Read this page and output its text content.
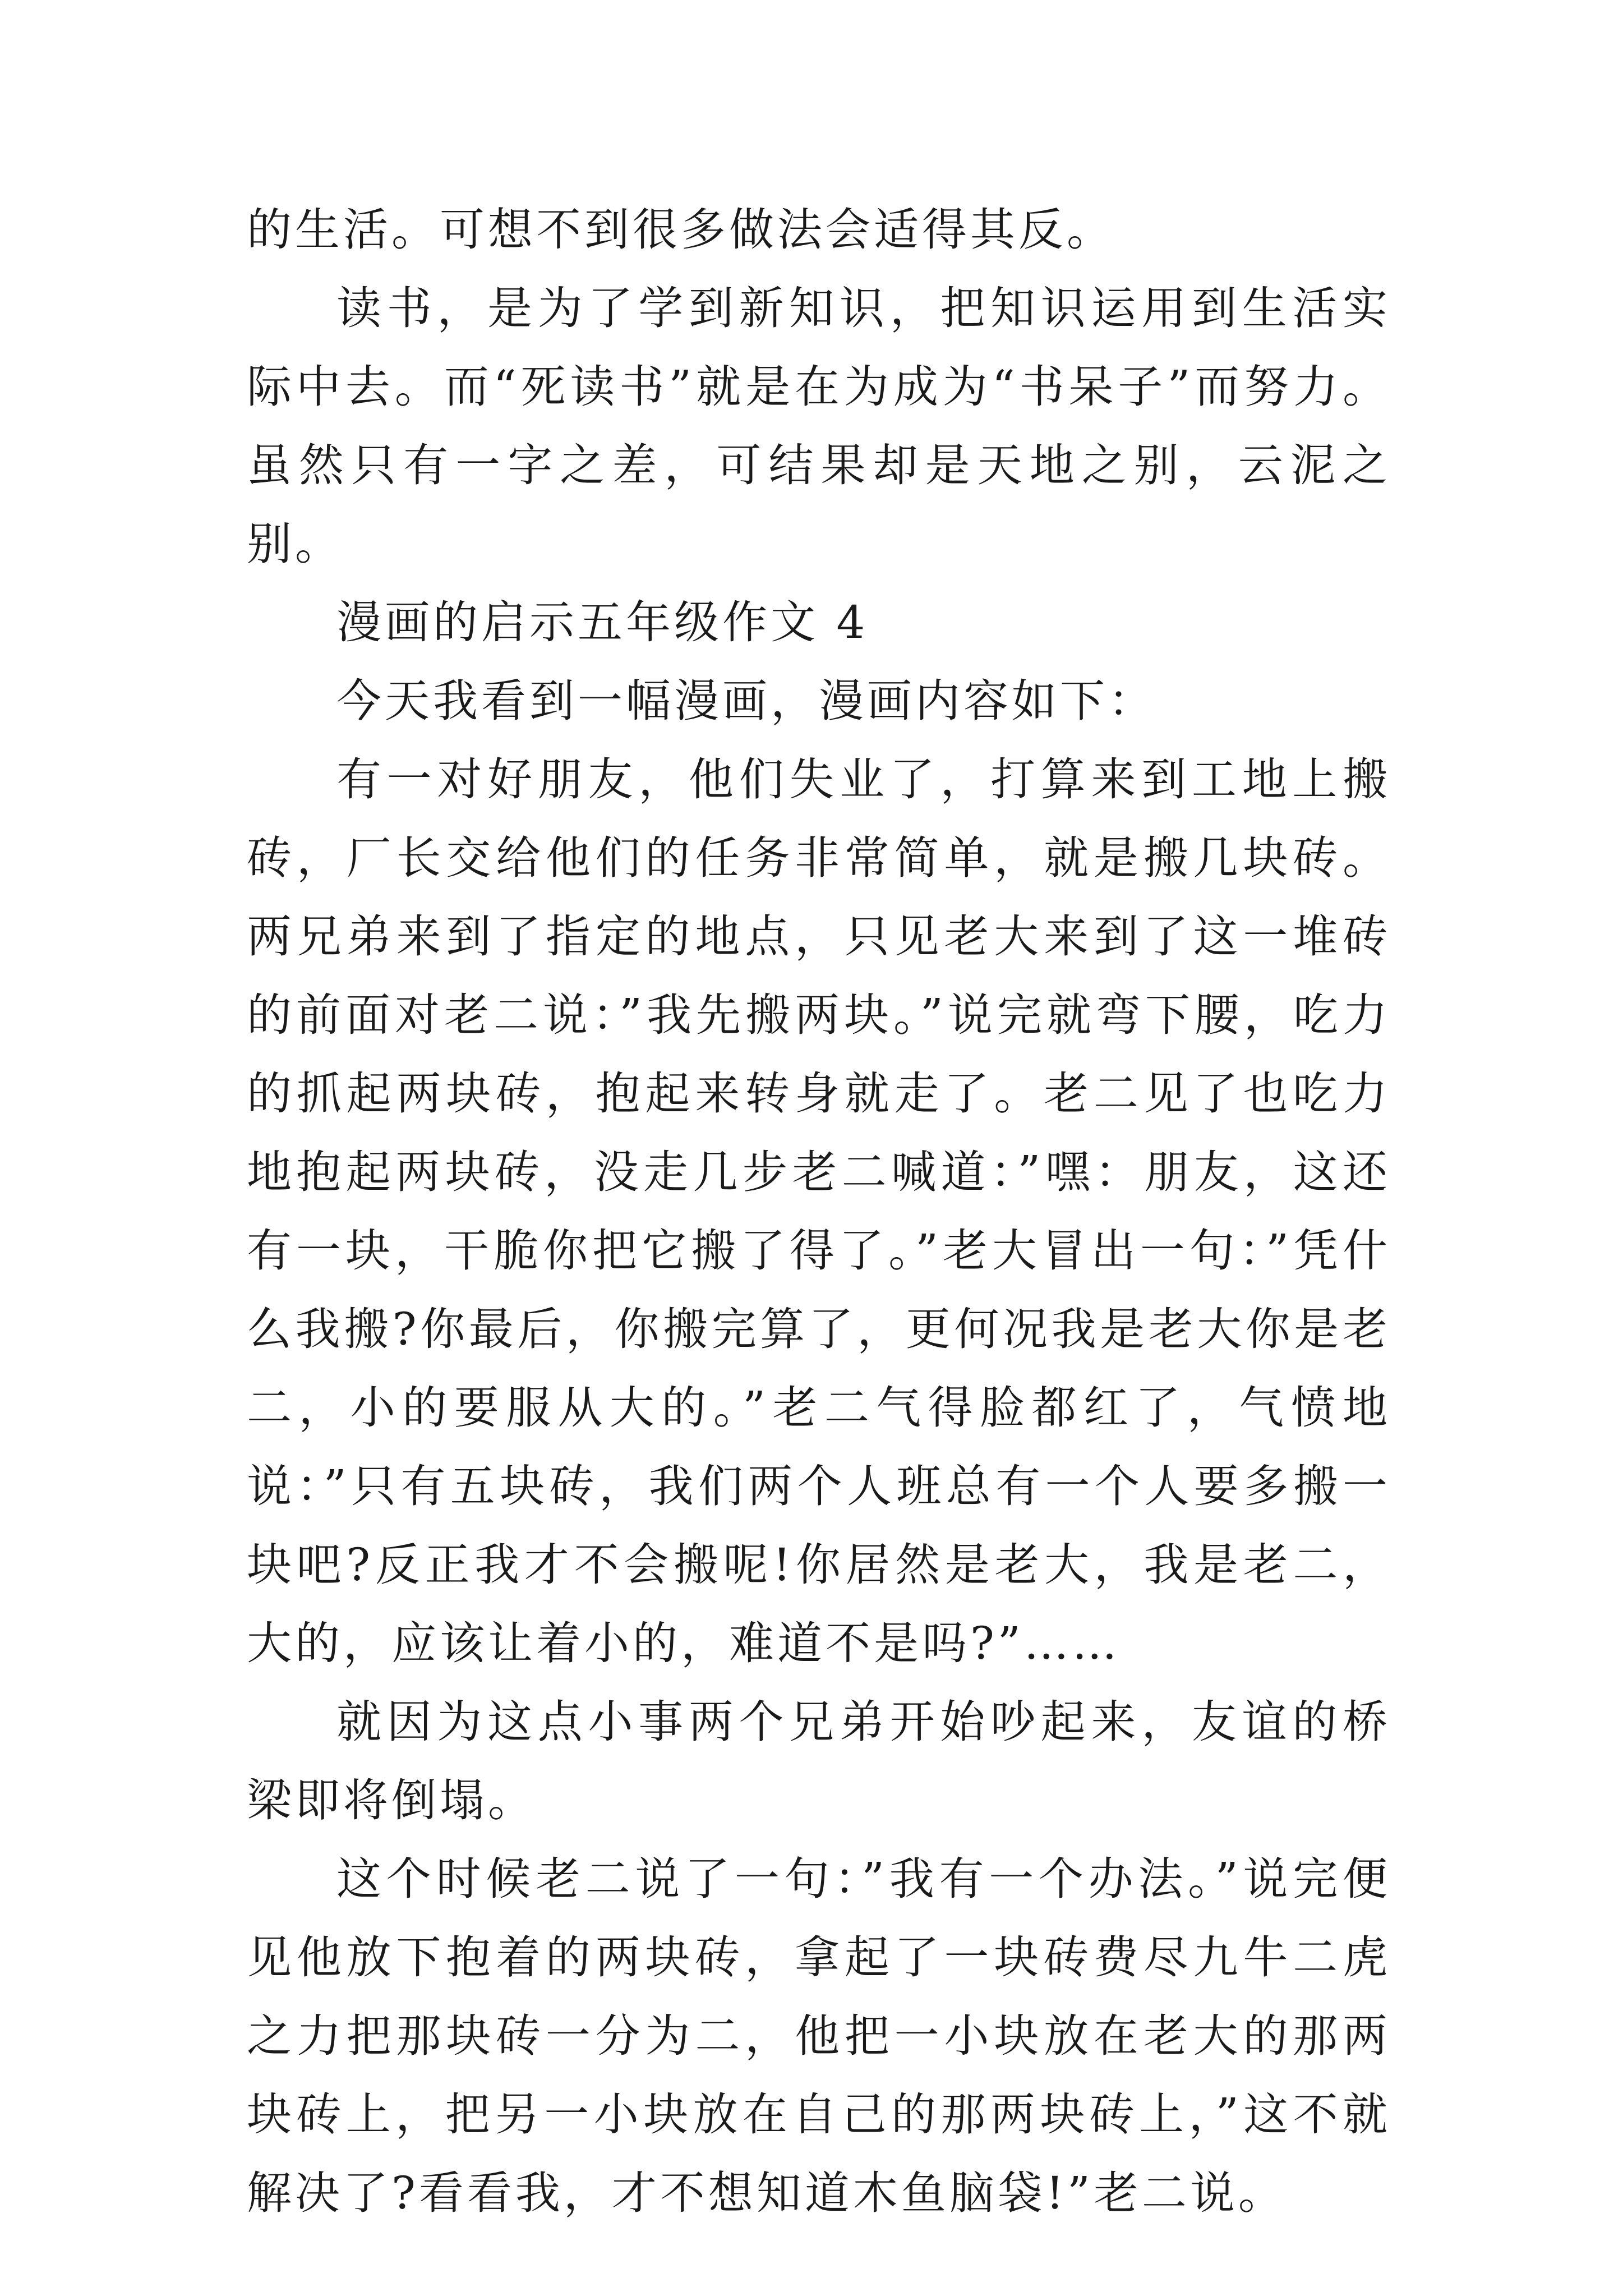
的生活。可想不到很多做法会适得其反。

读书，是为了学到新知识，把知识运用到生活实际中去。而“死读书”就是在为成为“书呆子”而努力。虽然只有一字之差，可结果却是天地之别，云泥之别。

漫画的启示五年级作文 4

今天我看到一幅漫画，漫画内容如下：

有一对好朋友，他们失业了，打算来到工地上搬砖，厂长交给他们的任务非常简单，就是搬几块砖。两兄弟来到了指定的地点，只见老大来到了这一堆砖的前面对老二说：”我先搬两块。”说完就弯下腰，吃力的抓起两块砖，抱起来转身就走了。老二见了也吃力地抱起两块砖，没走几步老二喊道：”嘿：朋友，这还有一块，干脆你把它搬了得了。”老大冒出一句：”凭什么我搬?你最后，你搬完算了，更何况我是老大你是老二，小的要服从大的。”老二气得脸都红了，气愤地说：”只有五块砖，我们两个人班总有一个人要多搬一块吧?反正我才不会搬呢!你居然是老大，我是老二，大的，应该让着小的，难道不是吗?”……

就因为这点小事两个兄弟开始吵起来，友谊的桥梁即将倒塌。

这个时候老二说了一句：”我有一个办法。”说完便见他放下抱着的两块砖，拿起了一块砖费尽九牛二虎之力把那块砖一分为二，他把一小块放在老大的那两块砖上，把另一小块放在自己的那两块砖上，”这不就解决了?看看我，才不想知道木鱼脑袋!”老二说。
